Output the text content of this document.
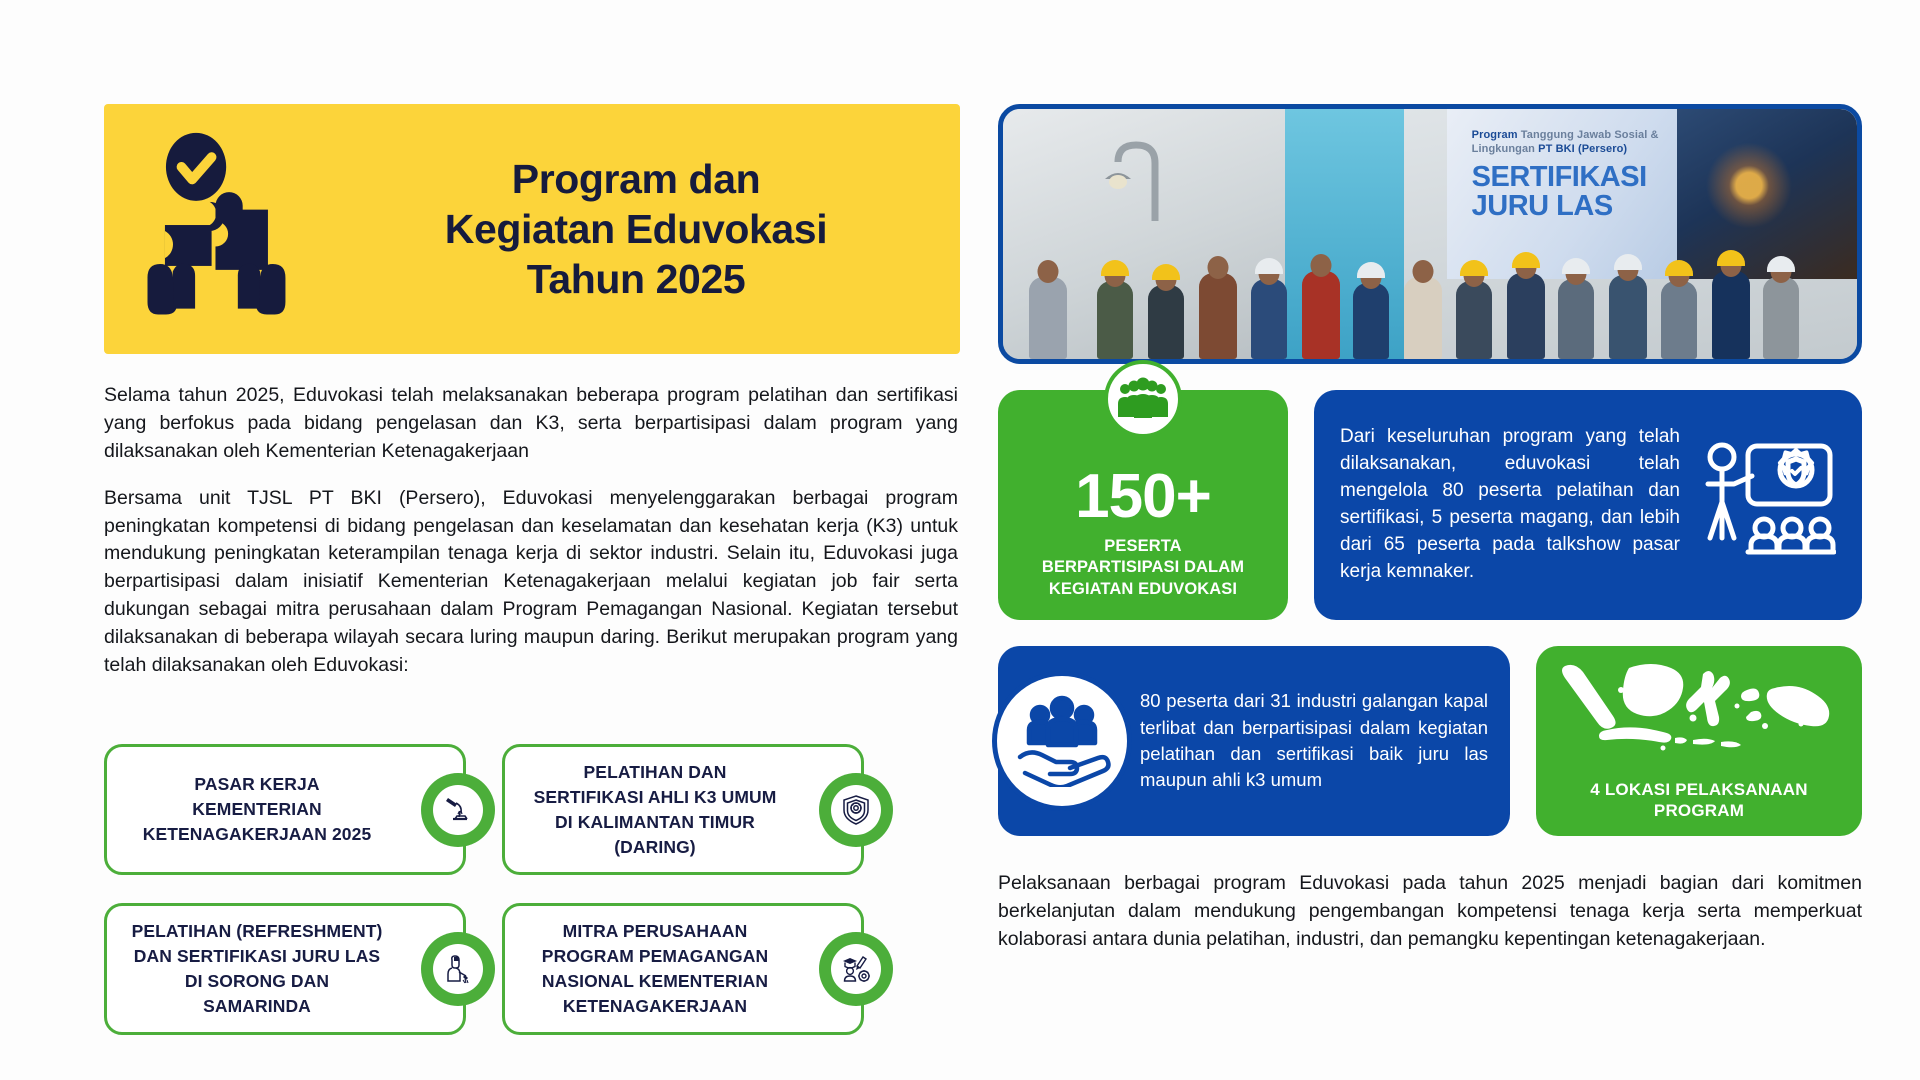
Program dan
Kegiatan Eduvokasi
Tahun 2025

Selama tahun 2025, Eduvokasi telah melaksanakan beberapa program pelatihan dan sertifikasi yang berfokus pada bidang pengelasan dan K3, serta berpartisipasi dalam program yang dilaksanakan oleh Kementerian Ketenagakerjaan

Bersama unit TJSL PT BKI (Persero), Eduvokasi menyelenggarakan berbagai program peningkatan kompetensi di bidang pengelasan dan keselamatan dan kesehatan kerja (K3) untuk mendukung peningkatan keterampilan tenaga kerja di sektor industri. Selain itu, Eduvokasi juga berpartisipasi dalam inisiatif Kementerian Ketenagakerjaan melalui kegiatan job fair serta dukungan sebagai mitra perusahaan dalam Program Pemagangan Nasional. Kegiatan tersebut dilaksanakan di beberapa wilayah secara luring maupun daring. Berikut merupakan program yang telah dilaksanakan oleh Eduvokasi:

PASAR KERJA KEMENTERIAN KETENAGAKERJAAN 2025
PELATIHAN DAN SERTIFIKASI AHLI K3 UMUM DI KALIMANTAN TIMUR (DARING)
PELATIHAN (REFRESHMENT) DAN SERTIFIKASI JURU LAS DI SORONG DAN SAMARINDA
MITRA PERUSAHAAN PROGRAM PEMAGANGAN NASIONAL KEMENTERIAN KETENAGAKERJAAN
Program Tanggung Jawab Sosial &
Lingkungan PT BKI (Persero)
SERTIFIKASI
JURU LAS
150+
PESERTA
BERPARTISIPASI DALAM
KEGIATAN EDUVOKASI
Dari keseluruhan program yang telah dilaksanakan, eduvokasi telah mengelola 80 peserta pelatihan dan sertifikasi, 5 peserta magang, dan lebih dari 65 peserta pada talkshow pasar kerja kemnaker.
80 peserta dari 31 industri galangan kapal terlibat dan berpartisipasi dalam kegiatan pelatihan dan sertifikasi baik juru las maupun ahli k3 umum	4 LOKASI PELAKSANAAN
PROGRAM
Pelaksanaan berbagai program Eduvokasi pada tahun 2025 menjadi bagian dari komitmen berkelanjutan dalam mendukung pengembangan kompetensi tenaga kerja serta memperkuat kolaborasi antara dunia pelatihan, industri, dan pemangku kepentingan ketenagakerjaan.
